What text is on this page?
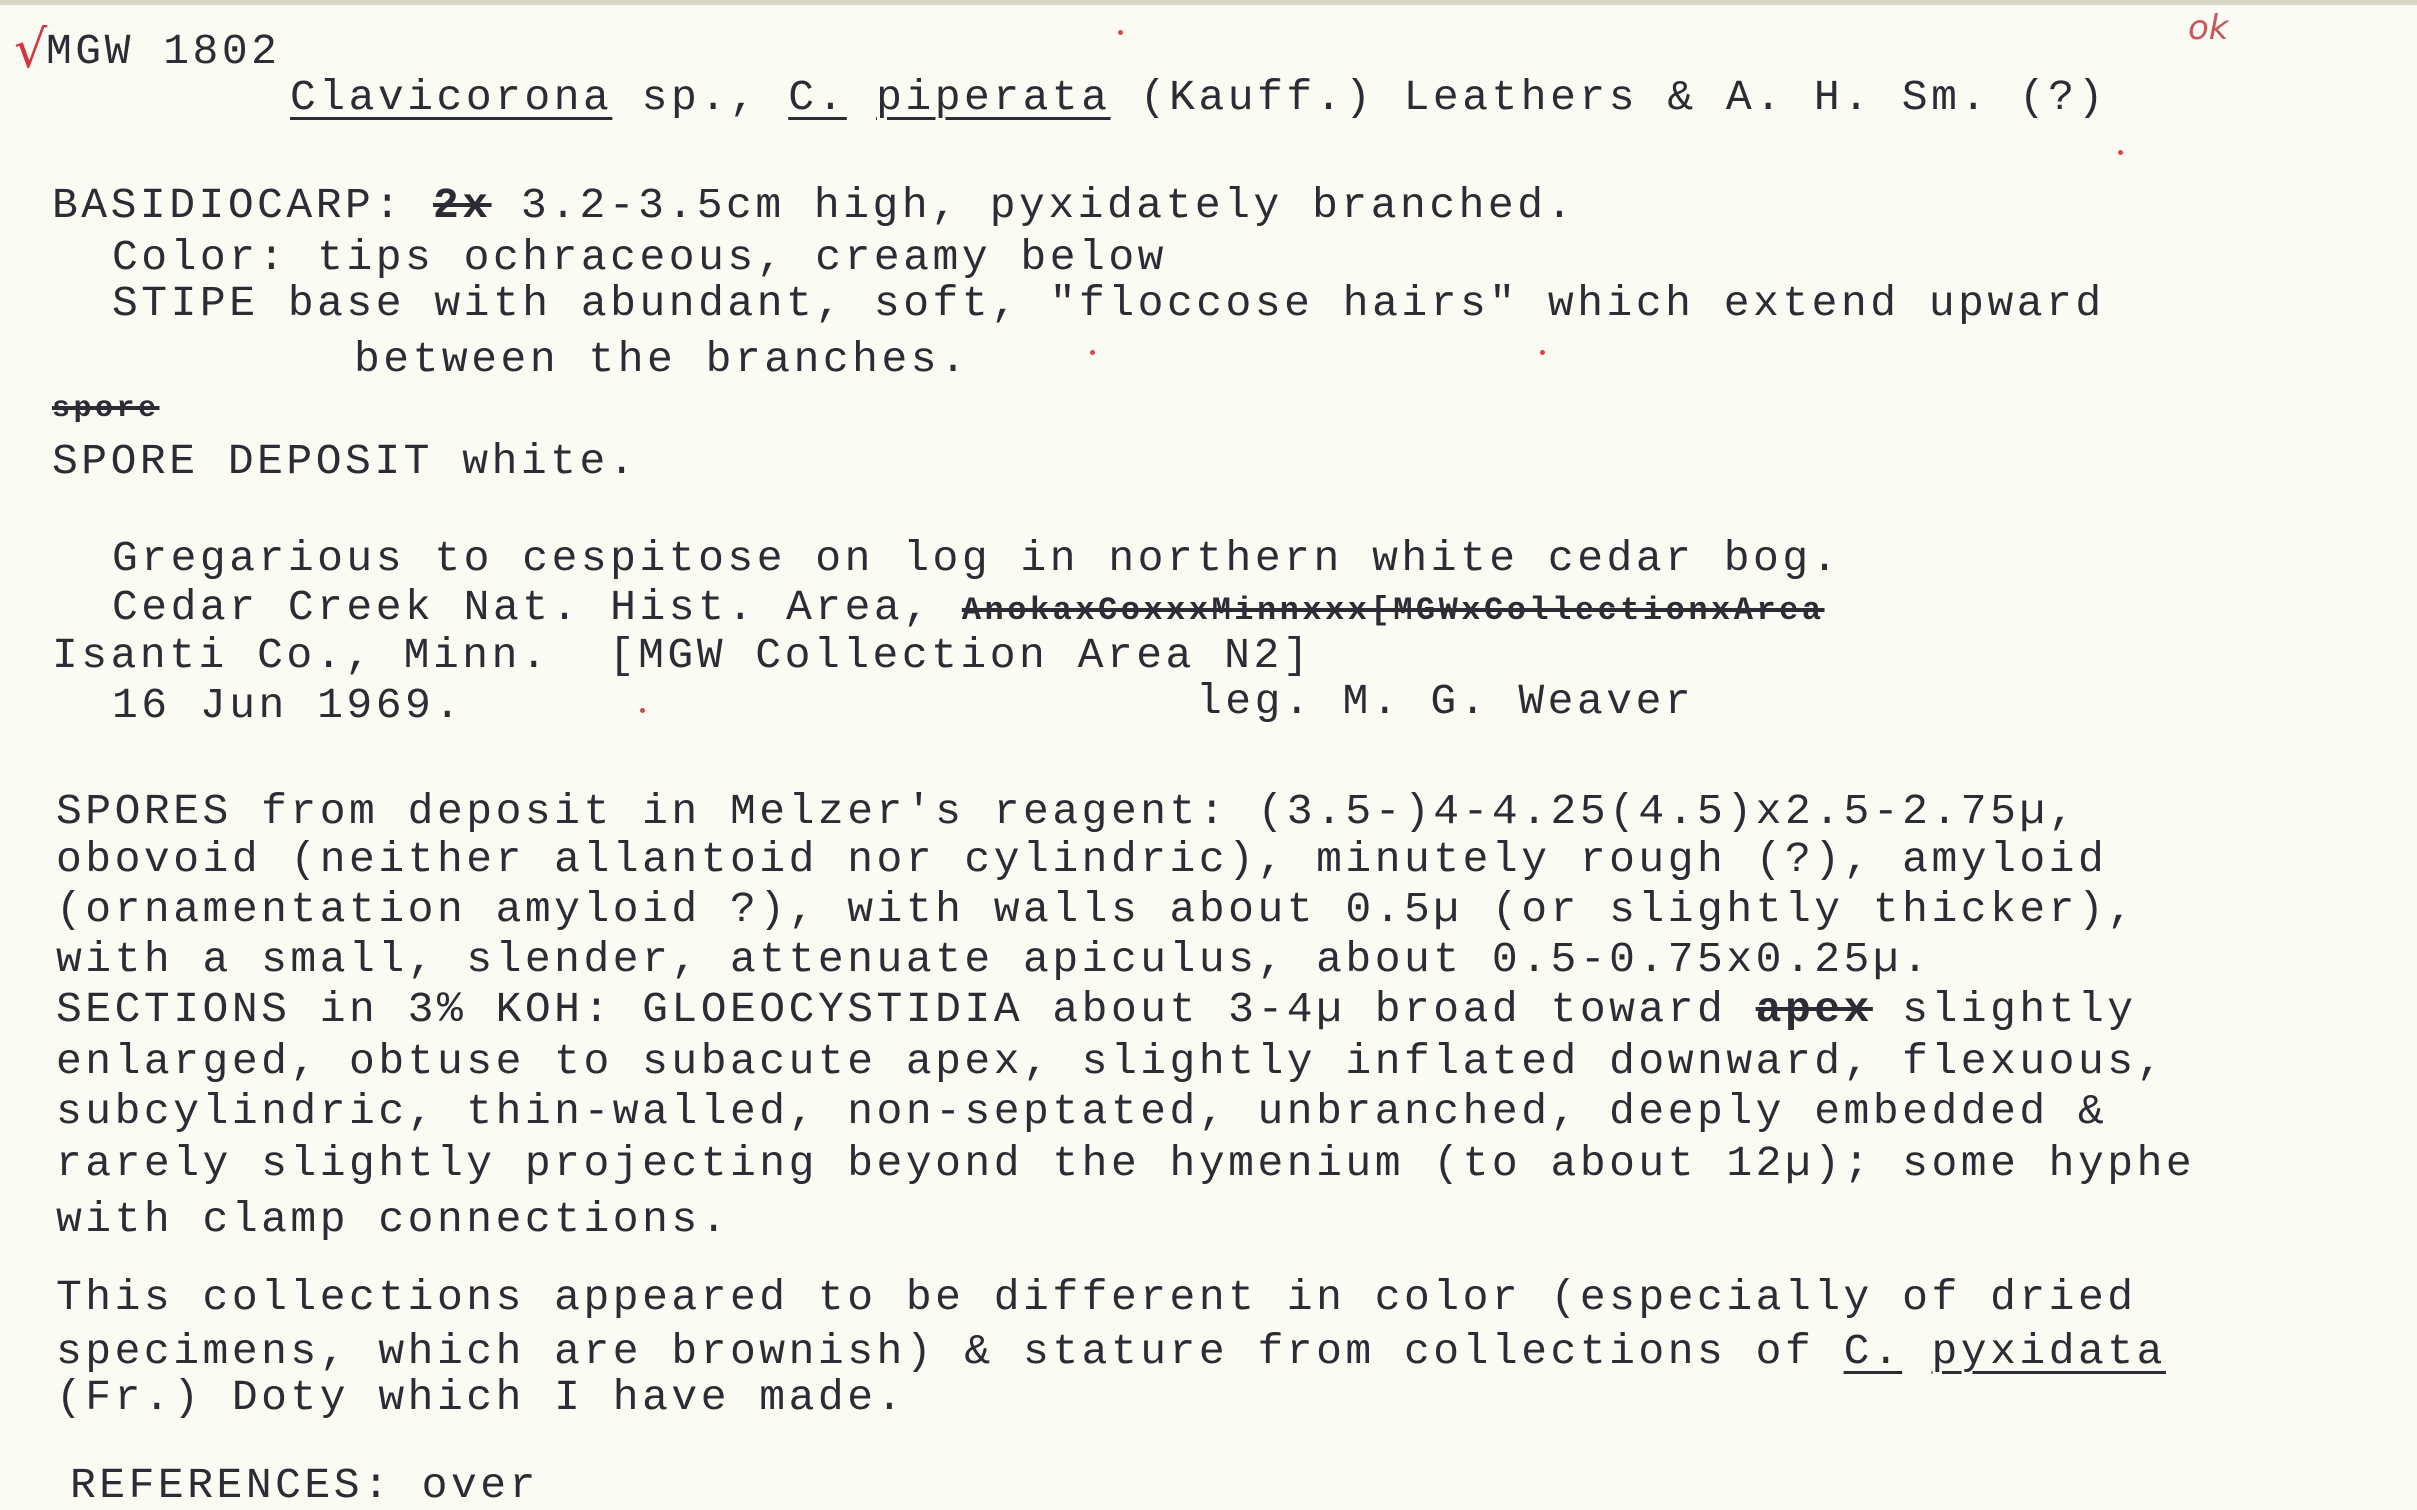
√	ok
MGW 1802
Clavicorona sp., C. piperata (Kauff.) Leathers & A. H. Sm. (?)
BASIDIOCARP: 2x 3.2-3.5cm high, pyxidately branched.
Color: tips ochraceous, creamy below
STIPE base with abundant, soft, "floccose hairs" which extend upward
between the branches.
spore
SPORE DEPOSIT white.
Gregarious to cespitose on log in northern white cedar bog.
Cedar Creek Nat. Hist. Area, AnokaxCoxxxMinnxxx[MGWxCollectionxArea
Isanti Co., Minn.  [MGW Collection Area N2]
16 Jun 1969.	leg. M. G. Weaver
SPORES from deposit in Melzer's reagent: (3.5-)4-4.25(4.5)x2.5-2.75µ,
obovoid (neither allantoid nor cylindric), minutely rough (?), amyloid
(ornamentation amyloid ?), with walls about 0.5µ (or slightly thicker),
with a small, slender, attenuate apiculus, about 0.5-0.75x0.25µ.
SECTIONS in 3% KOH: GLOEOCYSTIDIA about 3-4µ broad toward apex slightly
enlarged, obtuse to subacute apex, slightly inflated downward, flexuous,
subcylindric, thin-walled, non-septated, unbranched, deeply embedded &
rarely slightly projecting beyond the hymenium (to about 12µ); some hyphe
with clamp connections.
This collections appeared to be different in color (especially of dried
specimens, which are brownish) & stature from collections of C. pyxidata
(Fr.) Doty which I have made.
REFERENCES: over
